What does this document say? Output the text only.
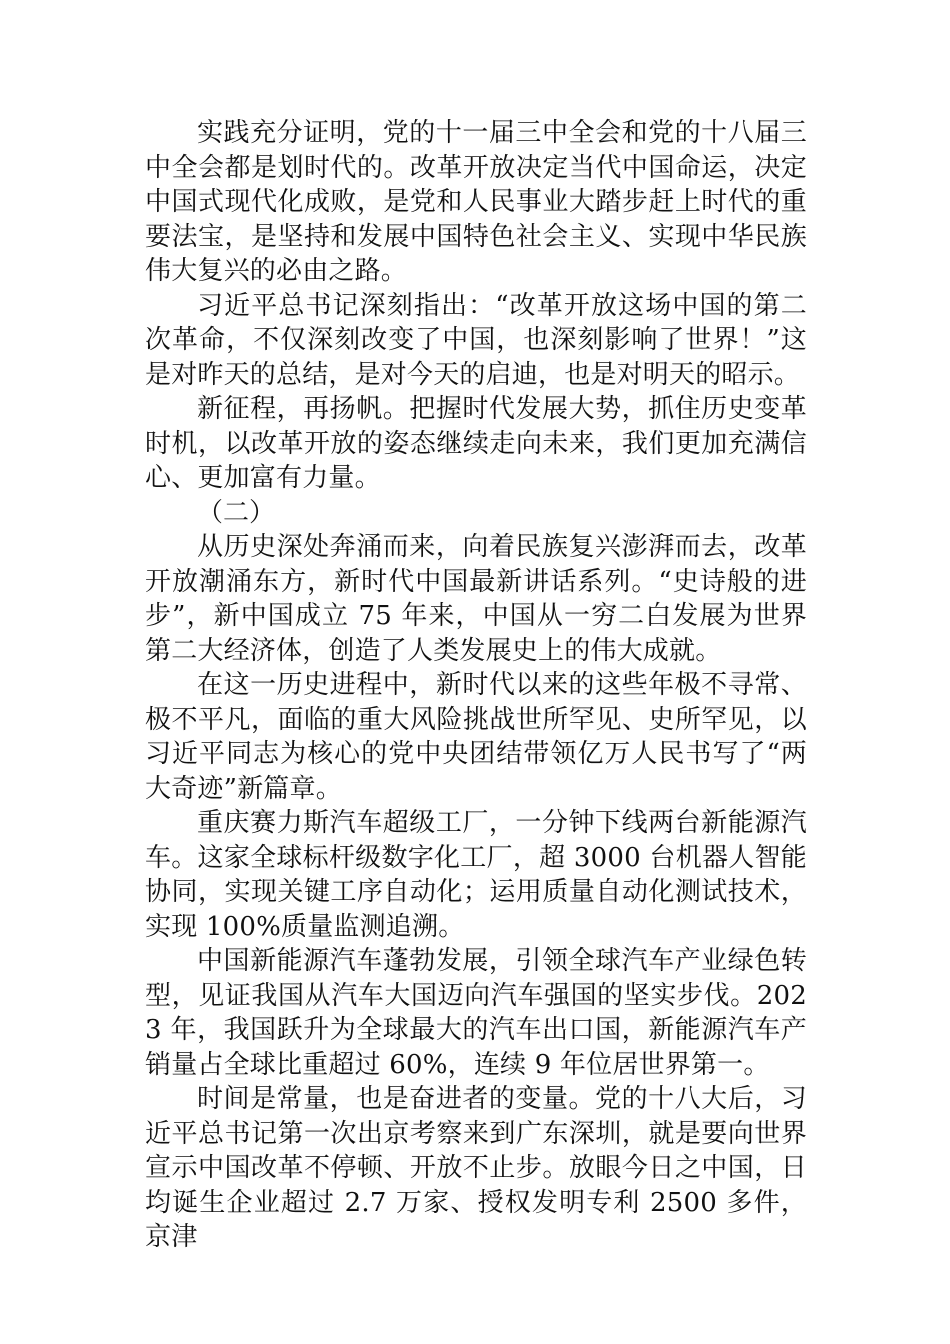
实践充分证明，党的十一届三中全会和党的十八届三中全会都是划时代的。改革开放决定当代中国命运，决定中国式现代化成败，是党和人民事业大踏步赶上时代的重要法宝，是坚持和发展中国特色社会主义、实现中华民族伟大复兴的必由之路。

习近平总书记深刻指出：“改革开放这场中国的第二次革命，不仅深刻改变了中国，也深刻影响了世界！”这是对昨天的总结，是对今天的启迪，也是对明天的昭示。

新征程，再扬帆。把握时代发展大势，抓住历史变革时机，以改革开放的姿态继续走向未来，我们更加充满信心、更加富有力量。

（二）

从历史深处奔涌而来，向着民族复兴澎湃而去，改革开放潮涌东方，新时代中国最新讲话系列。“史诗般的进步”，新中国成立 75 年来，中国从一穷二白发展为世界第二大经济体，创造了人类发展史上的伟大成就。

在这一历史进程中，新时代以来的这些年极不寻常、极不平凡，面临的重大风险挑战世所罕见、史所罕见，以习近平同志为核心的党中央团结带领亿万人民书写了“两大奇迹”新篇章。

重庆赛力斯汽车超级工厂，一分钟下线两台新能源汽车。这家全球标杆级数字化工厂，超 3000 台机器人智能协同，实现关键工序自动化；运用质量自动化测试技术，实现 100%质量监测追溯。

中国新能源汽车蓬勃发展，引领全球汽车产业绿色转型，见证我国从汽车大国迈向汽车强国的坚实步伐。2023 年，我国跃升为全球最大的汽车出口国，新能源汽车产销量占全球比重超过 60%，连续 9 年位居世界第一。

时间是常量，也是奋进者的变量。党的十八大后，习近平总书记第一次出京考察来到广东深圳，就是要向世界宣示中国改革不停顿、开放不止步。放眼今日之中国，日均诞生企业超过 2.7 万家、授权发明专利 2500 多件，京津
